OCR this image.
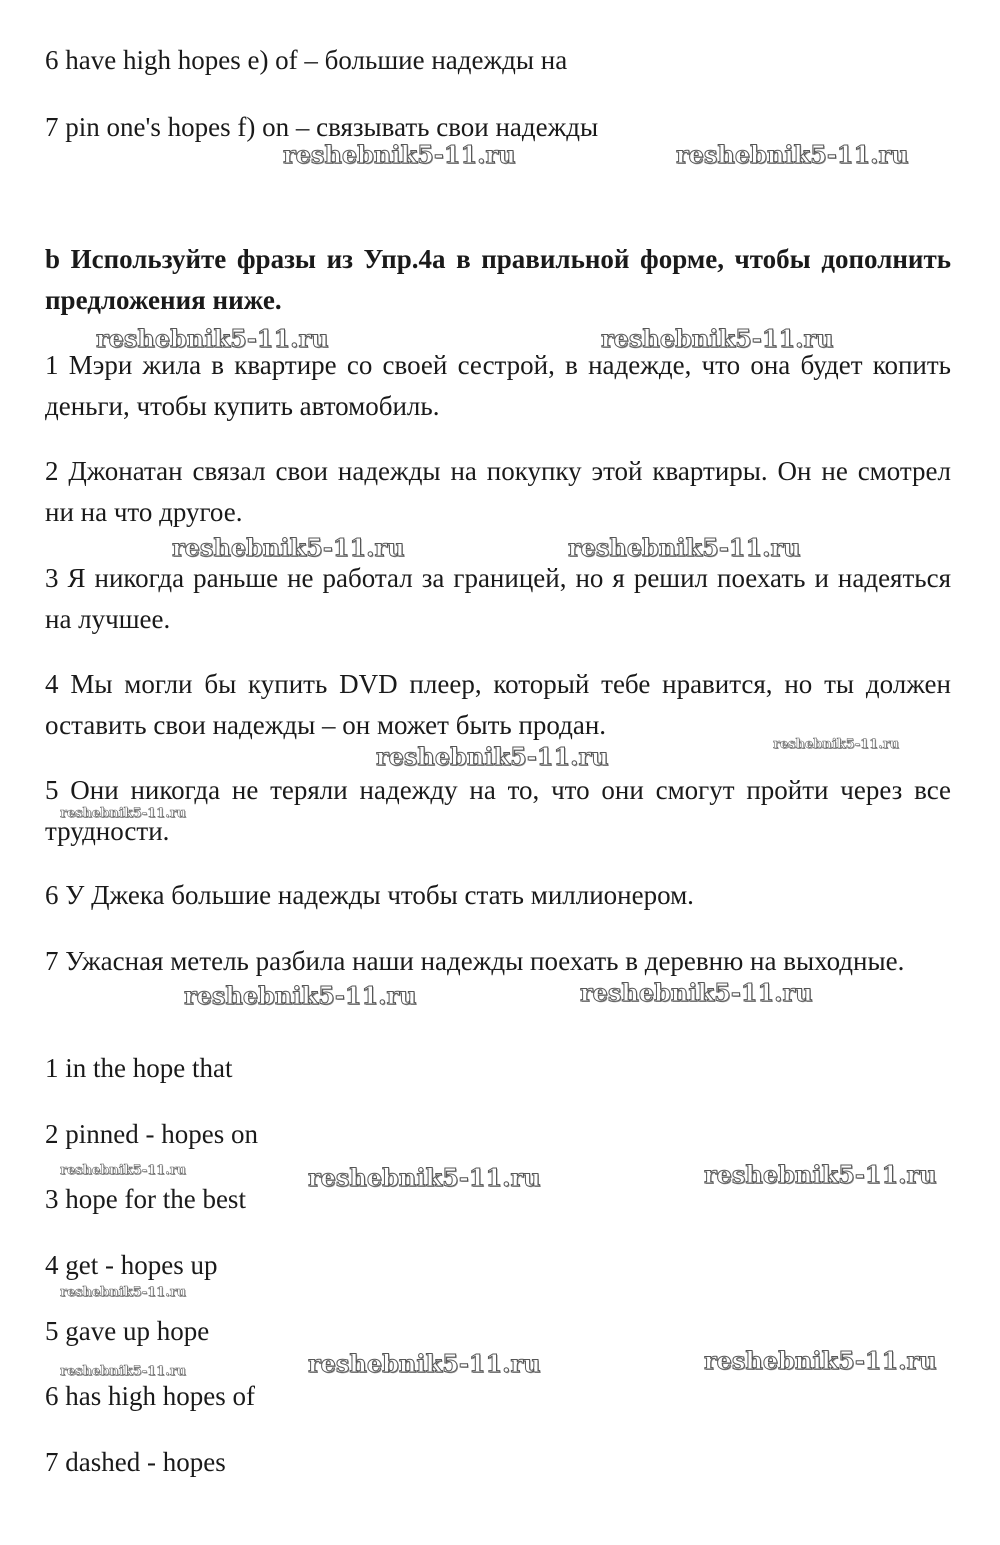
6 have high hopes e) of – большие надежды на
7 pin one's hopes f) on – связывать свои надежды
b Используйте фразы из Упр.4a в правильной форме, чтобы дополнить предложения ниже.
1 Мэри жила в квартире со своей сестрой, в надежде, что она будет копить деньги, чтобы купить автомобиль.
2 Джонатан связал свои надежды на покупку этой квартиры. Он не смотрел ни на что другое.
3 Я никогда раньше не работал за границей, но я решил поехать и надеяться на лучшее.
4 Мы могли бы купить DVD плеер, который тебе нравится, но ты должен оставить свои надежды – он может быть продан.
5 Они никогда не теряли надежду на то, что они смогут пройти через все трудности.
6 У Джека большие надежды чтобы стать миллионером.
7 Ужасная метель разбила наши надежды поехать в деревню на выходные.
1 in the hope that
2 pinned - hopes on
3 hope for the best
4 get - hopes up
5 gave up hope
6 has high hopes of
7 dashed - hopes
reshebnik5-11.ru	reshebnik5-11.ru
reshebnik5-11.ru	reshebnik5-11.ru
reshebnik5-11.ru	reshebnik5-11.ru
reshebnik5-11.ru	reshebnik5-11.ru
reshebnik5-11.ru
reshebnik5-11.ru	reshebnik5-11.ru
reshebnik5-11.ru	reshebnik5-11.ru	reshebnik5-11.ru
reshebnik5-11.ru
reshebnik5-11.ru	reshebnik5-11.ru	reshebnik5-11.ru
